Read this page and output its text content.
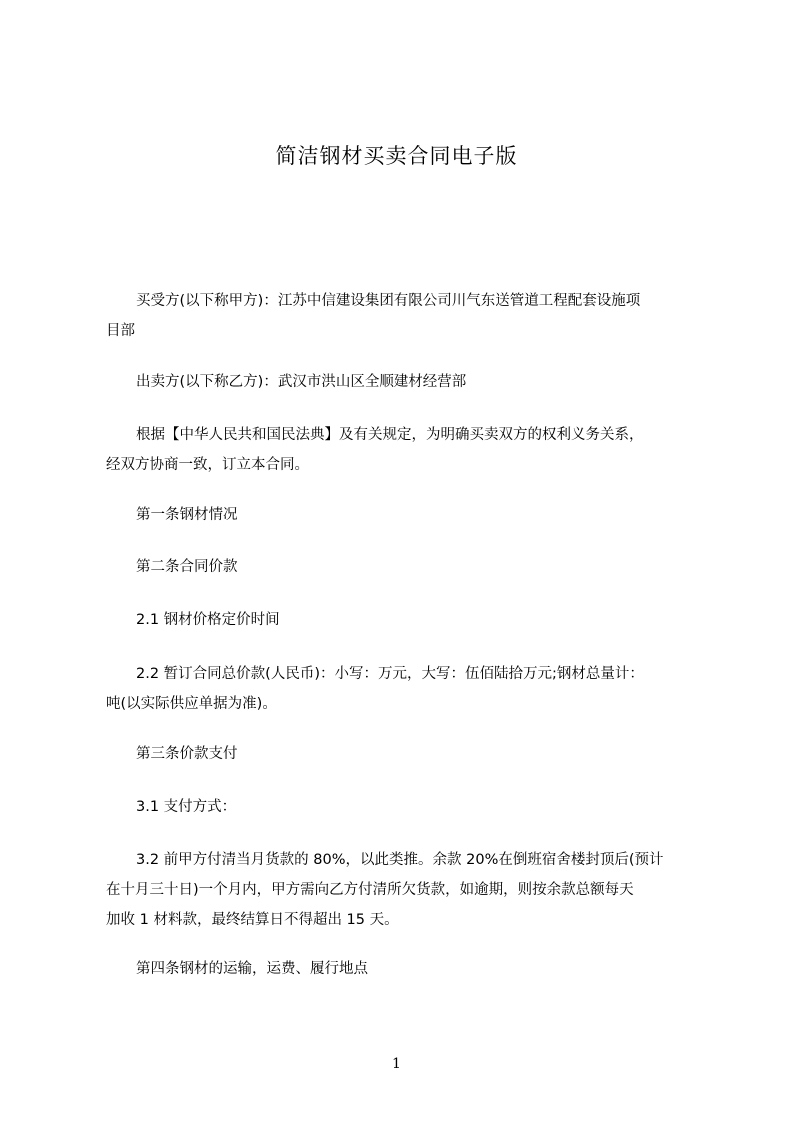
简洁钢材买卖合同电子版

买受方(以下称甲方)：江苏中信建设集团有限公司川气东送管道工程配套设施项
目部

出卖方(以下称乙方)：武汉市洪山区全顺建材经营部

根据【中华人民共和国民法典】及有关规定，为明确买卖双方的权利义务关系，
经双方协商一致，订立本合同。

第一条钢材情况

第二条合同价款

2.1 钢材价格定价时间

2.2 暂订合同总价款(人民币)：小写：万元，大写：伍佰陆拾万元;钢材总量计：
吨(以实际供应单据为准)。

第三条价款支付

3.1 支付方式：

3.2 前甲方付清当月货款的 80%，以此类推。余款 20%在倒班宿舍楼封顶后(预计
在十月三十日)一个月内，甲方需向乙方付清所欠货款，如逾期，则按余款总额每天
加收 1 材料款，最终结算日不得超出 15 天。

第四条钢材的运输，运费、履行地点

1
